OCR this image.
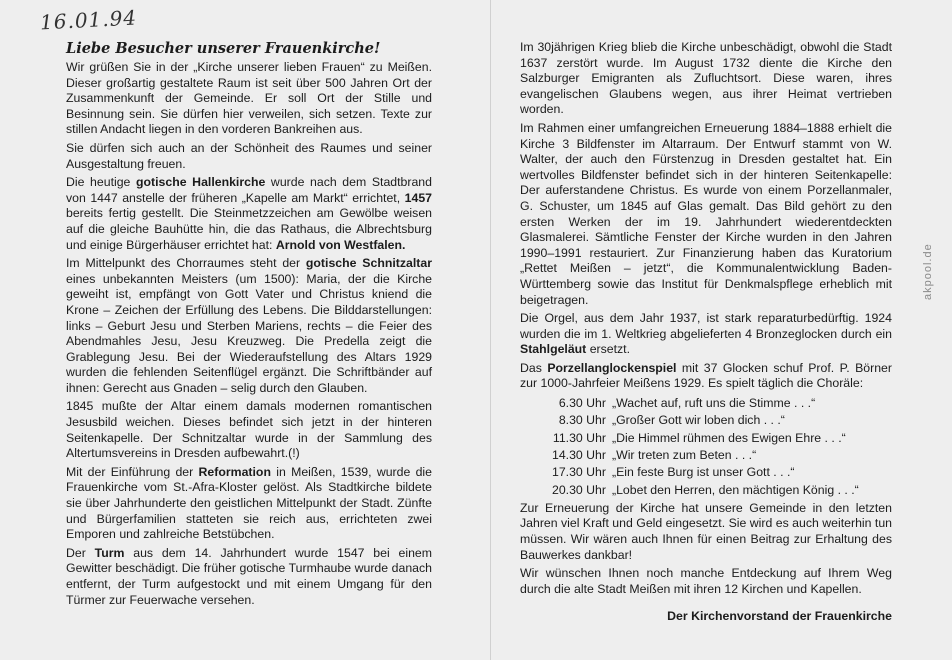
16.01.94
Liebe Besucher unserer Frauenkirche!

Wir grüßen Sie in der „Kirche unserer lieben Frauen“ zu Meißen. Dieser großartig gestaltete Raum ist seit über 500 Jahren Ort der Zusammenkunft der Gemeinde. Er soll Ort der Stille und Besinnung sein. Sie dürfen hier verweilen, sich setzen. Texte zur stillen Andacht liegen in den vorderen Bankreihen aus.

Sie dürfen sich auch an der Schönheit des Raumes und seiner Ausgestaltung freuen.

Die heutige gotische Hallenkirche wurde nach dem Stadtbrand von 1447 anstelle der früheren „Kapelle am Markt“ errichtet, 1457 bereits fertig gestellt. Die Steinmetzzeichen am Gewölbe weisen auf die gleiche Bauhütte hin, die das Rathaus, die Albrechtsburg und einige Bürgerhäuser errichtet hat: Arnold von Westfalen.

Im Mittelpunkt des Chorraumes steht der gotische Schnitzaltar eines unbekannten Meisters (um 1500): Maria, der die Kirche geweiht ist, empfängt von Gott Vater und Christus kniend die Krone – Zeichen der Erfüllung des Lebens. Die Bilddarstellungen: links – Geburt Jesu und Sterben Mariens, rechts – die Feier des Abendmahles Jesu, Jesu Kreuzweg. Die Predella zeigt die Grablegung Jesu. Bei der Wiederaufstellung des Altars 1929 wurden die fehlenden Seitenflügel ergänzt. Die Schriftbänder auf ihnen: Gerecht aus Gnaden – selig durch den Glauben.

1845 mußte der Altar einem damals modernen romantischen Jesusbild weichen. Dieses befindet sich jetzt in der hinteren Seitenkapelle. Der Schnitzaltar wurde in der Sammlung des Altertumsvereins in Dresden aufbewahrt.(!)

Mit der Einführung der Reformation in Meißen, 1539, wurde die Frauenkirche vom St.-Afra-Kloster gelöst. Als Stadtkirche bildete sie über Jahrhunderte den geistlichen Mittelpunkt der Stadt. Zünfte und Bürgerfamilien statteten sie reich aus, errichteten zwei Emporen und zahlreiche Betstübchen.

Der Turm aus dem 14. Jahrhundert wurde 1547 bei einem Gewitter beschädigt. Die früher gotische Turmhaube wurde danach entfernt, der Turm aufgestockt und mit einem Umgang für den Türmer zur Feuerwache versehen.

Im 30jährigen Krieg blieb die Kirche unbeschädigt, obwohl die Stadt 1637 zerstört wurde. Im August 1732 diente die Kirche den Salzburger Emigranten als Zufluchtsort. Diese waren, ihres evangelischen Glaubens wegen, aus ihrer Heimat vertrieben worden.

Im Rahmen einer umfangreichen Erneuerung 1884–1888 erhielt die Kirche 3 Bildfenster im Altarraum. Der Entwurf stammt von W. Walter, der auch den Fürstenzug in Dresden gestaltet hat. Ein wertvolles Bildfenster befindet sich in der hinteren Seitenkapelle: Der auferstandene Christus. Es wurde von einem Porzellanmaler, G. Schuster, um 1845 auf Glas gemalt. Das Bild gehört zu den ersten Werken der im 19. Jahrhundert wiederentdeckten Glasmalerei. Sämtliche Fenster der Kirche wurden in den Jahren 1990–1991 restauriert. Zur Finanzierung haben das Kuratorium „Rettet Meißen – jetzt“, die Kommunalentwicklung Baden-Württemberg sowie das Institut für Denkmalspflege erheblich mit beigetragen.

Die Orgel, aus dem Jahr 1937, ist stark reparaturbedürftig. 1924 wurden die im 1. Weltkrieg abgelieferten 4 Bronzeglocken durch ein Stahlgeläut ersetzt.

Das Porzellanglockenspiel mit 37 Glocken schuf Prof. P. Börner zur 1000-Jahrfeier Meißens 1929. Es spielt täglich die Choräle:

6.30 Uhr	„Wachet auf, ruft uns die Stimme . . .“
8.30 Uhr	„Großer Gott wir loben dich . . .“
11.30 Uhr	„Die Himmel rühmen des Ewigen Ehre . . .“
14.30 Uhr	„Wir treten zum Beten . . .“
17.30 Uhr	„Ein feste Burg ist unser Gott . . .“
20.30 Uhr	„Lobet den Herren, den mächtigen König . . .“

Zur Erneuerung der Kirche hat unsere Gemeinde in den letzten Jahren viel Kraft und Geld eingesetzt. Sie wird es auch weiterhin tun müssen. Wir wären auch Ihnen für einen Beitrag zur Erhaltung des Bauwerkes dankbar!

Wir wünschen Ihnen noch manche Entdeckung auf Ihrem Weg durch die alte Stadt Meißen mit ihren 12 Kirchen und Kapellen.

Der Kirchenvorstand der Frauenkirche
akpool.de
